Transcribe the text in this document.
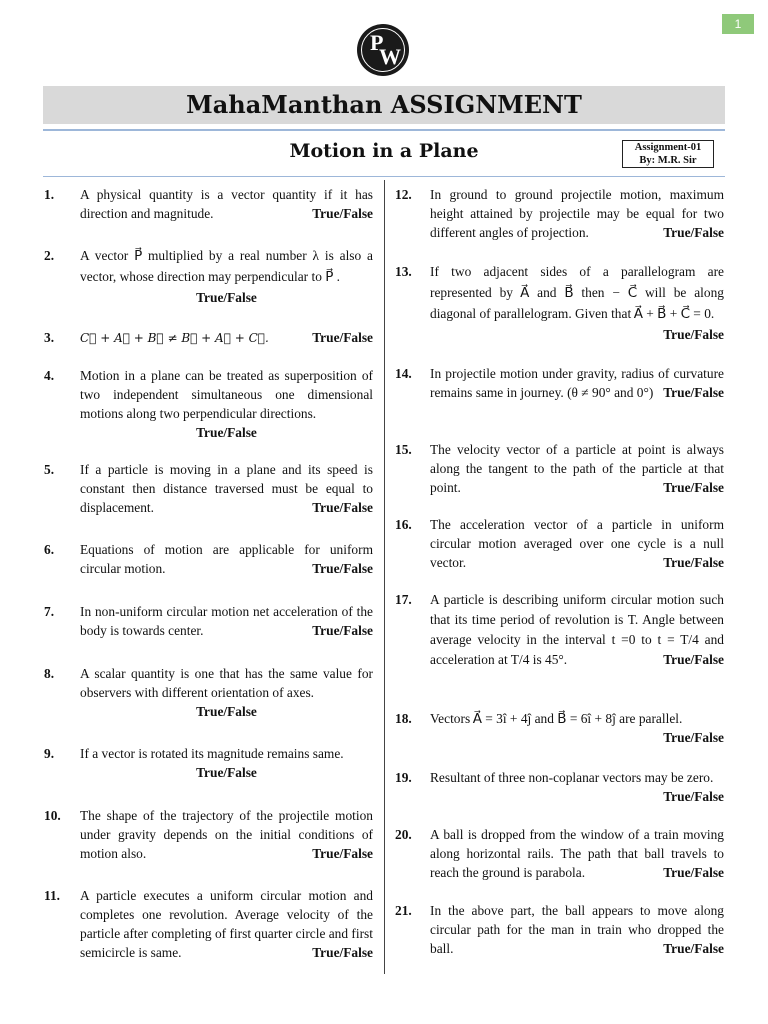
1
P
W
MahaManthan ASSIGNMENT
Motion in a Plane	Assignment-01
By: M.R. Sir
1. A physical quantity is a vector quantity if it has direction and magnitude.	True/False
2. A vector P⃗ multiplied by a real number λ is also a vector, whose direction may perpendicular to P⃗ .
True/False
3. C⃗ + A⃗ + B⃗ ≠ B⃗ + A⃗ + C⃗.	True/False
4. Motion in a plane can be treated as superposition of two independent simultaneous one dimensional motions along two perpendicular directions.
True/False
5. If a particle is moving in a plane and its speed is constant then distance traversed must be equal to displacement.	True/False
6. Equations of motion are applicable for uniform circular motion.	True/False
7. In non-uniform circular motion net acceleration of the body is towards center.	True/False
8. A scalar quantity is one that has the same value for observers with different orientation of axes.
True/False
9. If a vector is rotated its magnitude remains same.
True/False
10. The shape of the trajectory of the projectile motion under gravity depends on the initial conditions of motion also.	True/False
11. A particle executes a uniform circular motion and completes one revolution. Average velocity of the particle after completing of first quarter circle and first semicircle is same.	True/False
12. In ground to ground projectile motion, maximum height attained by projectile may be equal for two different angles of projection.	True/False
13. If two adjacent sides of a parallelogram are represented by A⃗ and B⃗ then − C⃗ will be along diagonal of parallelogram. Given that A⃗ + B⃗ + C⃗ = 0.
True/False
14. In projectile motion under gravity, radius of curvature remains same in journey. (θ ≠ 90° and 0°) True/False
15. The velocity vector of a particle at point is always along the tangent to the path of the particle at that point.	True/False
16. The acceleration vector of a particle in uniform circular motion averaged over one cycle is a null vector.	True/False
17. A particle is describing uniform circular motion such that its time period of revolution is T. Angle between average velocity in the interval t =0 to t = T/4 and acceleration at T/4 is 45°.	True/False
18. Vectors A⃗ = 3î + 4ĵ and B⃗ = 6î + 8ĵ are parallel.
True/False
19. Resultant of three non-coplanar vectors may be zero.
True/False
20. A ball is dropped from the window of a train moving along horizontal rails. The path that ball travels to reach the ground is parabola.	True/False
21. In the above part, the ball appears to move along circular path for the man in train who dropped the ball.	True/False
